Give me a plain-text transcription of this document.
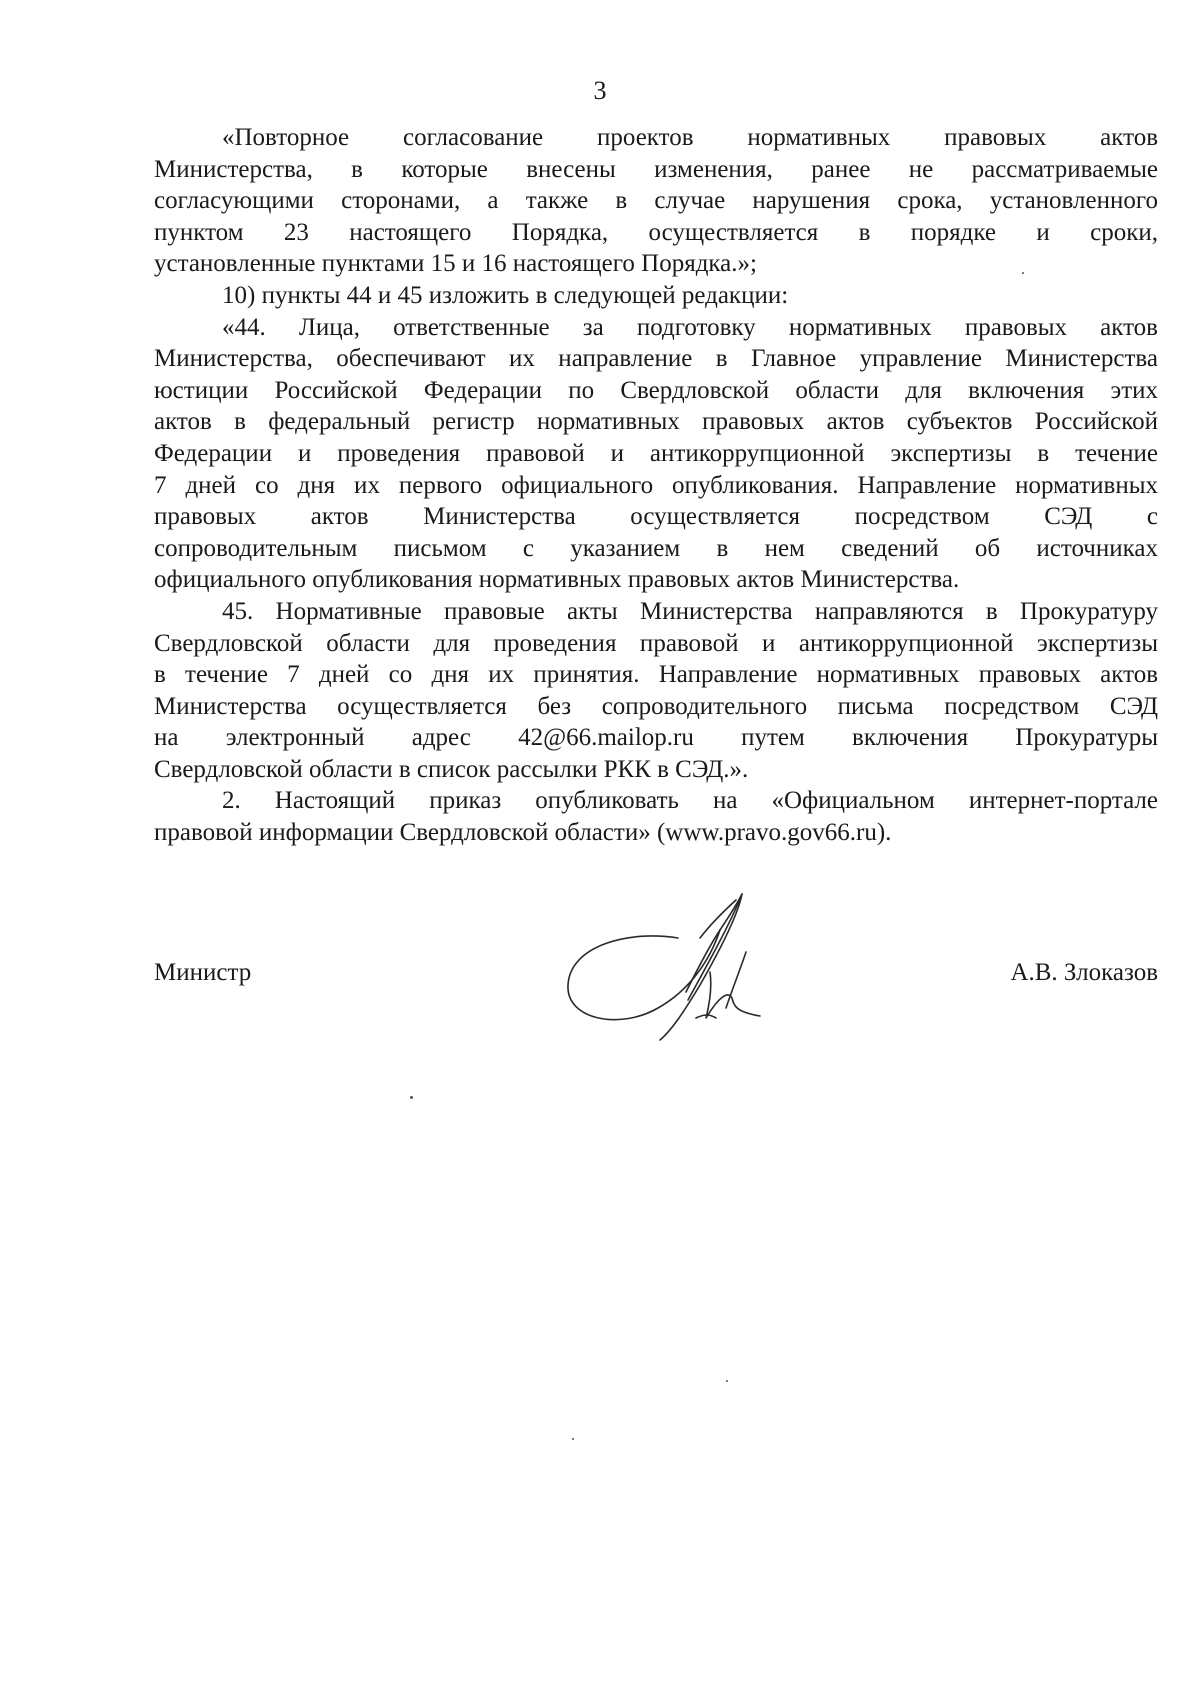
3
«Повторное согласование проектов нормативных правовых актов
Министерства, в которые внесены изменения, ранее не рассматриваемые
согласующими сторонами, а также в случае нарушения срока, установленного
пунктом 23 настоящего Порядка, осуществляется в порядке и сроки,
установленные пунктами 15 и 16 настоящего Порядка.»;
10) пункты 44 и 45 изложить в следующей редакции:
«44. Лица, ответственные за подготовку нормативных правовых актов
Министерства, обеспечивают их направление в Главное управление Министерства
юстиции Российской Федерации по Свердловской области для включения этих
актов в федеральный регистр нормативных правовых актов субъектов Российской
Федерации и проведения правовой и антикоррупционной экспертизы в течение
7 дней со дня их первого официального опубликования. Направление нормативных
правовых актов Министерства осуществляется посредством СЭД с
сопроводительным письмом с указанием в нем сведений об источниках
официального опубликования нормативных правовых актов Министерства.
45. Нормативные правовые акты Министерства направляются в Прокуратуру
Свердловской области для проведения правовой и антикоррупционной экспертизы
в течение 7 дней со дня их принятия. Направление нормативных правовых актов
Министерства осуществляется без сопроводительного письма посредством СЭД
на электронный адрес 42@66.mailop.ru путем включения Прокуратуры
Свердловской области в список рассылки РКК в СЭД.».
2. Настоящий приказ опубликовать на «Официальном интернет-портале
правовой информации Свердловской области» (www.pravo.gov66.ru).
Министр	А.В. Злоказов
